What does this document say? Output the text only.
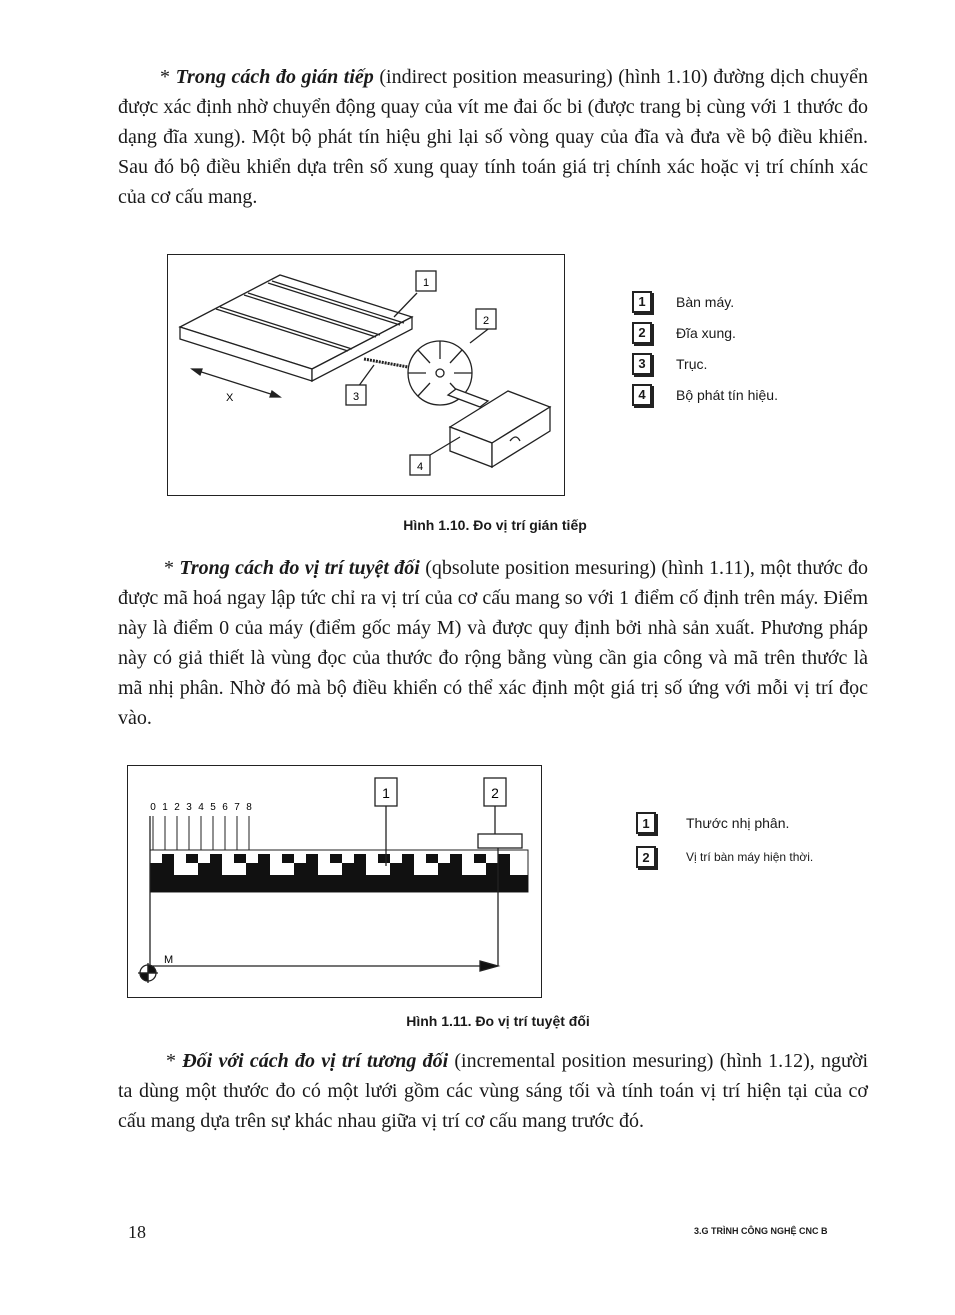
* Trong cách đo gián tiếp (indirect position measuring) (hình 1.10) đường dịch chuyển được xác định nhờ chuyển động quay của vít me đai ốc bi (được trang bị cùng với 1 thước đo dạng đĩa xung). Một bộ phát tín hiệu ghi lại số vòng quay của đĩa và đưa về bộ điều khiển. Sau đó bộ điều khiển dựa trên số xung quay tính toán giá trị chính xác hoặc vị trí chính xác của cơ cấu mang.

X
1
2
3
4
1	Bàn máy.
2	Đĩa xung.
3	Trục.
4	Bộ phát tín hiệu.
Hình 1.10. Đo vị trí gián tiếp

* Trong cách đo vị trí tuyệt đối (qbsolute position mesuring) (hình 1.11), một thước đo được mã hoá ngay lập tức chỉ ra vị trí của cơ cấu mang so với 1 điểm cố định trên máy. Điểm này là điểm 0 của máy (điểm gốc máy M) và được quy định bởi nhà sản xuất. Phương pháp này có giả thiết là vùng đọc của thước đo rộng bằng vùng cần gia công và mã trên thước là mã nhị phân. Nhờ đó mà bộ điều khiển có thể xác định một giá trị số ứng với mỗi vị trí đọc vào.

0 1 2 3 4 5 6 7 8
1	2
M
1	Thước nhị phân.
2	Vị trí bàn máy hiện thời.
Hình 1.11. Đo vị trí tuyệt đối

* Đối với cách đo vị trí tương đối (incremental position mesuring) (hình 1.12), người ta dùng một thước đo có một lưới gồm các vùng sáng tối và tính toán vị trí hiện tại của cơ cấu mang dựa trên sự khác nhau giữa vị trí cơ cấu mang trước đó.

18	3.G TRÌNH CÔNG NGHỆ CNC B
